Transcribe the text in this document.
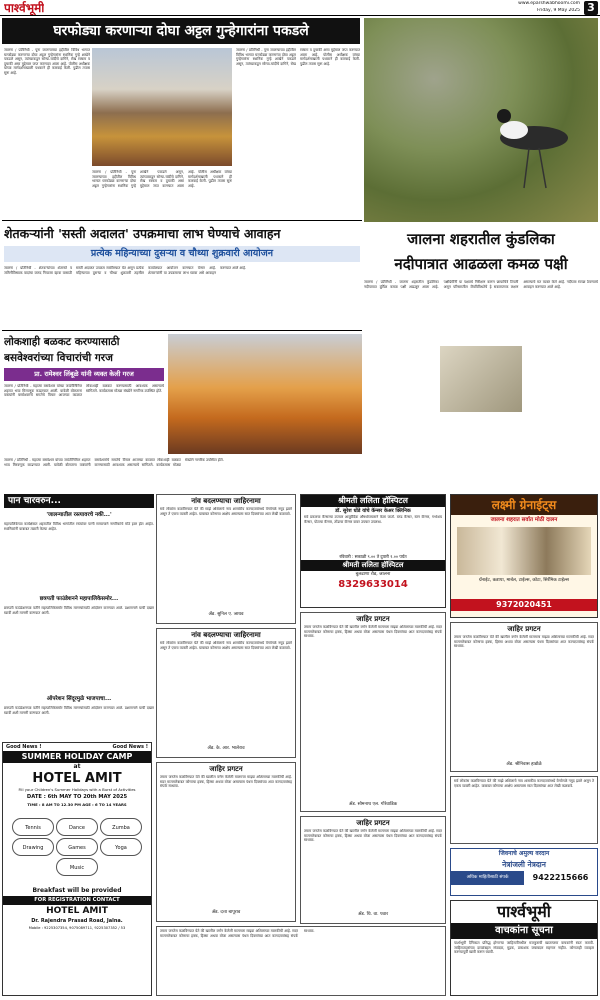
पार्श्वभूमी	www.eparshwabhoomi.com
Friday, 9 May 2025 3
घरफोड्या करणाऱ्या दोघा अट्टल गुन्हेगारांना पकडले
जालना / प्रतिनिधी - पूना जालन्याच्या हद्दीतील विविध भागात घरफोड्या करणाऱ्या दोघा अट्टल गुन्हेगारांना स्थानिक गुन्हे शाखेने पकडले असून, त्यांच्याकडून सोन्या-चांदीचे दागिने, रोख रक्कम व दुचाकी असा मुद्देमाल जप्त करण्यात आला आहे. पोलीस अधीक्षक यांच्या मार्गदर्शनाखाली पथकाने ही कारवाई केली. पुढील तपास सुरू आहे.
जालना / प्रतिनिधी - पूना जालन्याच्या हद्दीतील विविध भागात घरफोड्या करणाऱ्या दोघा अट्टल गुन्हेगारांना स्थानिक गुन्हे शाखेने पकडले असून, त्यांच्याकडून सोन्या-चांदीचे दागिने, रोख रक्कम व दुचाकी असा मुद्देमाल जप्त करण्यात आला आहे. पोलीस अधीक्षक यांच्या मार्गदर्शनाखाली पथकाने ही कारवाई केली. पुढील तपास सुरू आहे.
जालना / प्रतिनिधी - पूना जालन्याच्या हद्दीतील विविध भागात घरफोड्या करणाऱ्या दोघा अट्टल गुन्हेगारांना स्थानिक गुन्हे शाखेने पकडले असून, त्यांच्याकडून सोन्या-चांदीचे दागिने, रोख रक्कम व दुचाकी असा मुद्देमाल जप्त करण्यात आला आहे. पोलीस अधीक्षक यांच्या मार्गदर्शनाखाली पथकाने ही कारवाई केली. पुढील तपास सुरू आहे.
जालना शहरातील कुंडलिका
नदीपात्रात आढळला कमळ पक्षी
जालना / प्रतिनिधी - जालना शहरातील कुंडलिका नदीपात्रात दुर्मिळ कमळ पक्षी आढळून आला आहे. पक्षीप्रेमींनी या पक्ष्याचे निरीक्षण करून छायाचित्रे टिपली असून परिसरातील जैवविविधतेचे हे सकारात्मक लक्षण असल्याचे मत व्यक्त केले आहे. नदीपात्र स्वच्छ ठेवण्याचे आवाहन करण्यात आले आहे.
शेतकऱ्यांनी 'सस्ती अदालत' उपक्रमाचा लाभ घेण्याचे आवाहन
प्रत्येक महिन्याच्या दुसऱ्या व चौथ्या शुक्रवारी आयोजन
जालना / प्रतिनिधी - शेतकऱ्यांच्या शेतरस्ते व जमिनीविषयक वादांचा जलद निपटारा व्हावा यासाठी सस्ती अदालत उपक्रम राबविण्यात येत असून प्रत्येक महिन्याच्या दुसऱ्या व चौथ्या शुक्रवारी तहसील कार्यालयात आयोजन करण्यात येणार आहे. शेतकऱ्यांनी या उपक्रमाचा लाभ घ्यावा असे आवाहन करण्यात आले आहे.
लोकशाही बळकट करण्यासाठी
बसवेश्वरांच्या विचारांची गरज
प्रा. रामेश्वर लिंबूळे यांनी व्यक्त केली गरज
जालना / प्रतिनिधी - महात्मा बसवेश्वर यांच्या जयंतीनिमित्त शहरात भव्य मिरवणूक काढण्यात आली. यावेळी बोलताना वक्त्यांनी बसवेश्वरांचे समतेचे विचार आजच्या काळात लोकशाही बळकट करण्यासाठी आवश्यक असल्याचे सांगितले. कार्यक्रमास मोठ्या संख्येने नागरिक उपस्थित होते.
जालना / प्रतिनिधी - महात्मा बसवेश्वर यांच्या जयंतीनिमित्त शहरात भव्य मिरवणूक काढण्यात आली. यावेळी बोलताना वक्त्यांनी बसवेश्वरांचे समतेचे विचार आजच्या काळात लोकशाही बळकट करण्यासाठी आवश्यक असल्याचे सांगितले. कार्यक्रमास मोठ्या संख्येने नागरिक उपस्थित होते.
श्रीमती ललिता हॉस्पिटल
डॉ. सुरेश धोंडे यांचे कॅन्सर केअर क्लिनिक
सर्व प्रकारचा कॅन्सरचा उपचार आयुर्वेदिक औषधोपचाराने केला जातो. ब्लड कॅन्सर, स्तन कॅन्सर, गर्भाशय कॅन्सर, पोटाचा कॅन्सर, तोंडाचा कॅन्सर यावर उपचार उपलब्ध.
रविवारी : सकाळी ९.०० ते दुपारी १.०० पर्यंत
श्रीमती ललिता हॉस्पिटल
बुलढाणा रोड, जालना
8329633014
लक्ष्मी ग्रेनाईट्स
जालना शहरात सर्वात मोठी दालन
ग्रॅनाईट, कडप्पा, मार्बल, टाईल्स, कोटा, सिरॅमिक टाईल्स
9372020451
पान चारवरुन...
'जालन्यातील रस्त्यावरचे नकी...'
महापालिकेच्या कार्यक्षेत्रात शहरातील विविध भागांतील रस्त्यांवर पाणी साचल्याने नागरिकांचे मोठे हाल होत आहेत. स्थानिकांनी याबाबत तक्रारी केल्या आहेत.
छत्रपती फाउंडेशनने महापालिकेसमोर...
छत्रपती फाउंडेशनच्या वतीने महापालिकेसमोर विविध मागण्यांसाठी आंदोलन करण्यात आले. प्रशासनाने याची दखल घ्यावी अशी मागणी करण्यात आली.
ऑपरेशन सिंदूरमुळे भाजपाचा...
छत्रपती फाउंडेशनच्या वतीने महापालिकेसमोर विविध मागण्यांसाठी आंदोलन करण्यात आले. प्रशासनाने याची दखल घ्यावी अशी मागणी करण्यात आली.
नांव बदलण्याचा जाहिरनामा
सर्व लोकांस कळविण्यात येते की माझे अशिलाचे नाव शासकीय कागदपत्रांमध्ये वेगवेगळे नमूद झाले असून ते एकच व्यक्ती आहेत. याबाबत कोणाचा आक्षेप असल्यास सात दिवसांच्या आत लेखी कळवावे.
ॲड. सुनिल ए. जाधव
नांव बदलण्याचा जाहिरनामा
सर्व लोकांस कळविण्यात येते की माझे अशिलाचे नाव शासकीय कागदपत्रांमध्ये वेगवेगळे नमूद झाले असून ते एकच व्यक्ती आहेत. याबाबत कोणाचा आक्षेप असल्यास सात दिवसांच्या आत लेखी कळवावे.
ॲड. के. आर. भालेराव
जाहिर प्रगटन
तमाम जनतेस कळविण्यात येते की खालील वर्णन केलेली मालमत्ता माझ्या अशिलाच्या मालकीची आहे. सदर मालमत्तेबाबत कोणाचा हक्क, हिस्सा अथवा बोजा असल्यास पंधरा दिवसांच्या आत कागदपत्रांसह संपर्क साधावा.
ॲड. दत्ता बापूराव
जाहिर प्रगटन
तमाम जनतेस कळविण्यात येते की खालील वर्णन केलेली मालमत्ता माझ्या अशिलाच्या मालकीची आहे. सदर मालमत्तेबाबत कोणाचा हक्क, हिस्सा अथवा बोजा असल्यास पंधरा दिवसांच्या आत कागदपत्रांसह संपर्क साधावा.
ॲड. सोमनाथ एल. गोरेवाडिक
जाहिर प्रगटन
तमाम जनतेस कळविण्यात येते की खालील वर्णन केलेली मालमत्ता माझ्या अशिलाच्या मालकीची आहे. सदर मालमत्तेबाबत कोणाचा हक्क, हिस्सा अथवा बोजा असल्यास पंधरा दिवसांच्या आत कागदपत्रांसह संपर्क साधावा.
ॲड. धि. वा. पवार
जाहिर प्रगटन
तमाम जनतेस कळविण्यात येते की खालील वर्णन केलेली मालमत्ता माझ्या अशिलाच्या मालकीची आहे. सदर मालमत्तेबाबत कोणाचा हक्क, हिस्सा अथवा बोजा असल्यास पंधरा दिवसांच्या आत कागदपत्रांसह संपर्क साधावा.
ॲड. श्रीनिवास हाडोळे
सर्व लोकांस कळविण्यात येते की माझे अशिलाचे नाव शासकीय कागदपत्रांमध्ये वेगवेगळे नमूद झाले असून ते एकच व्यक्ती आहेत. याबाबत कोणाचा आक्षेप असल्यास सात दिवसांच्या आत लेखी कळवावे.
जिवनाचे अमुल्य वरदान
नेत्रांजली नेत्रदान
अधिक माहितीसाठी संपर्क	9422215666
Good News !	Good News !
SUMMER HOLIDAY CAMP
at
HOTEL AMIT
Fill your Children's Summer Holidays with a Burst of Activities
DATE : 6th MAY TO 20th MAY 2025
TIME : 8 AM TO 12.30 PM AGE : 6 TO 14 YEARS
Tennis	Dance	Zumba
Drawing	Games	Yoga
Music
Breakfast will be provided
FOR REGISTRATION CONTACT
HOTEL AMIT
Dr. Rajendra Prasad Road, Jalna.
Mobile : 9225307354, 9075089711, 9225307352 / 53
तमाम जनतेस कळविण्यात येते की खालील वर्णन केलेली मालमत्ता माझ्या अशिलाच्या मालकीची आहे. सदर मालमत्तेबाबत कोणाचा हक्क, हिस्सा अथवा बोजा असल्यास पंधरा दिवसांच्या आत कागदपत्रांसह संपर्क साधावा.
पार्श्वभूमी
वाचकांना सूचना
पार्श्वभूमी दैनिकात प्रसिद्ध होणाऱ्या जाहिरातींमधील मजकुराची खातरजमा वाचकांनी स्वतः करावी. जाहिरातदारांच्या दाव्यांबद्दल संपादक, मुद्रक, प्रकाशक जबाबदार राहणार नाहीत. कोणताही व्यवहार करण्यापूर्वी खात्री करून घ्यावी.
